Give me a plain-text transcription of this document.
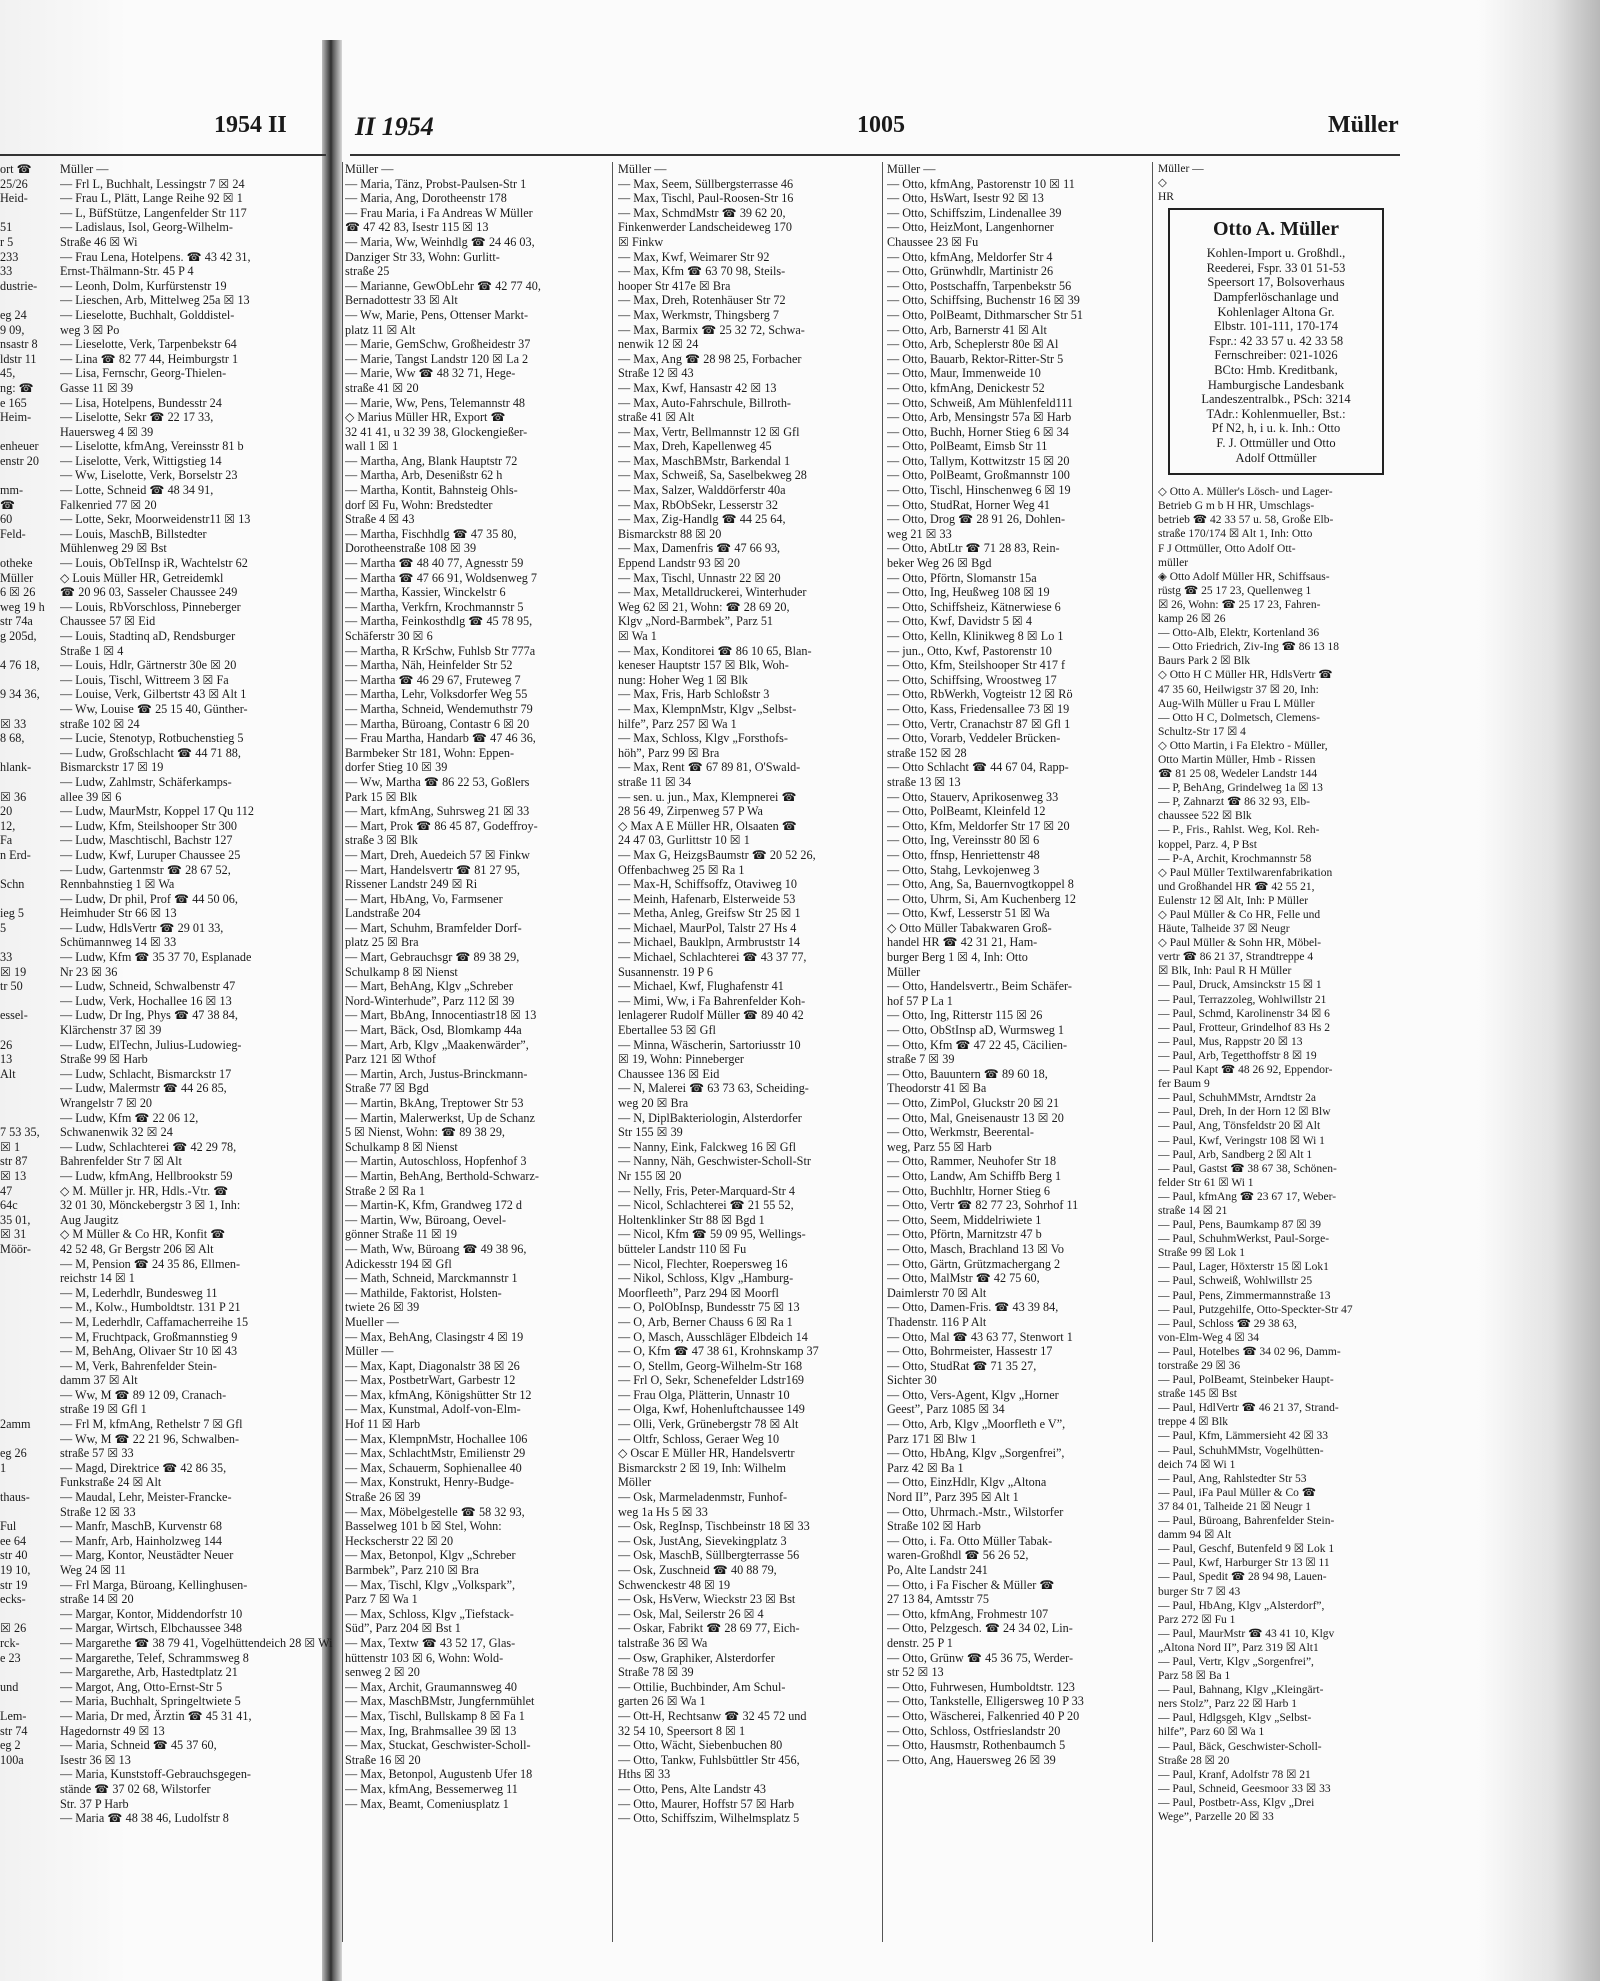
1954 II	II 1954	1005	Müller

ort ☎

25/26

Heid-

51

r 5

233

33

dustrie-

eg 24

9 09,

nsastr 8

ldstr 11

45,

ng: ☎

e 165

Heim-

enheuer

enstr 20

mm-

☎

60

Feld-

otheke

Müller

6 ☒ 26

weg 19 h

str 74a

g 205d,

4 76 18,

9 34 36,

☒ 33

8 68,

hlank-

☒ 36

20

12,

Fa

n Erd-

Schn

ieg 5

5

33

☒ 19

tr 50

essel-

26

13

Alt

7 53 35,

☒ 1

str 87

☒ 13

47

64c

35 01,

☒ 31

Möör-

2amm

eg 26

1

thaus-

Ful

ee 64

str 40

19 10,

str 19

ecks-

☒ 26

rck-

e 23

und

Lem-

str 74

eg 2

100a

Müller —

— Frl L, Buchhalt, Lessingstr 7 ☒ 24

— Frau L, Plätt, Lange Reihe 92 ☒ 1

— L, BüfStütze, Langenfelder Str 117

— Ladislaus, Isol, Georg-Wilhelm-

Straße 46 ☒ Wi

— Frau Lena, Hotelpens. ☎ 43 42 31,

Ernst-Thälmann-Str. 45 P 4

— Leonh, Dolm, Kurfürstenstr 19

— Lieschen, Arb, Mittelweg 25a ☒ 13

— Lieselotte, Buchhalt, Golddistel-

weg 3 ☒ Po

— Lieselotte, Verk, Tarpenbekstr 64

— Lina ☎ 82 77 44, Heimburgstr 1

— Lisa, Fernschr, Georg-Thielen-

Gasse 11 ☒ 39

— Lisa, Hotelpens, Bundesstr 24

— Liselotte, Sekr ☎ 22 17 33,

Hauersweg 4 ☒ 39

— Liselotte, kfmAng, Vereinsstr 81 b

— Liselotte, Verk, Wittigstieg 14

— Ww, Liselotte, Verk, Borselstr 23

— Lotte, Schneid ☎ 48 34 91,

Falkenried 77 ☒ 20

— Lotte, Sekr, Moorweidenstr11 ☒ 13

— Louis, MaschB, Billstedter

Mühlenweg 29 ☒ Bst

— Louis, ObTelInsp iR, Wachtelstr 62

◇ Louis Müller HR, Getreidemkl

☎ 20 96 03, Sasseler Chaussee 249

— Louis, RbVorschloss, Pinneberger

Chaussee 57 ☒ Eid

— Louis, Stadtinq aD, Rendsburger

Straße 1 ☒ 4

— Louis, Hdlr, Gärtnerstr 30e ☒ 20

— Louis, Tischl, Wittreem 3 ☒ Fa

— Louise, Verk, Gilbertstr 43 ☒ Alt 1

— Ww, Louise ☎ 25 15 40, Günther-

straße 102 ☒ 24

— Lucie, Stenotyp, Rotbuchenstieg 5

— Ludw, Großschlacht ☎ 44 71 88,

Bismarckstr 17 ☒ 19

— Ludw, Zahlmstr, Schäferkamps-

allee 39 ☒ 6

— Ludw, MaurMstr, Koppel 17 Qu 112

— Ludw, Kfm, Steilshooper Str 300

— Ludw, Maschtischl, Bachstr 127

— Ludw, Kwf, Luruper Chaussee 25

— Ludw, Gartenmstr ☎ 28 67 52,

Rennbahnstieg 1 ☒ Wa

— Ludw, Dr phil, Prof ☎ 44 50 06,

Heimhuder Str 66 ☒ 13

— Ludw, HdlsVertr ☎ 29 01 33,

Schümannweg 14 ☒ 33

— Ludw, Kfm ☎ 35 37 70, Esplanade

Nr 23 ☒ 36

— Ludw, Schneid, Schwalbenstr 47

— Ludw, Verk, Hochallee 16 ☒ 13

— Ludw, Dr Ing, Phys ☎ 47 38 84,

Klärchenstr 37 ☒ 39

— Ludw, ElTechn, Julius-Ludowieg-

Straße 99 ☒ Harb

— Ludw, Schlacht, Bismarckstr 17

— Ludw, Malermstr ☎ 44 26 85,

Wrangelstr 7 ☒ 20

— Ludw, Kfm ☎ 22 06 12,

Schwanenwik 32 ☒ 24

— Ludw, Schlachterei ☎ 42 29 78,

Bahrenfelder Str 7 ☒ Alt

— Ludw, kfmAng, Hellbrookstr 59

◇ M. Müller jr. HR, Hdls.-Vtr. ☎

32 01 30, Mönckebergstr 3 ☒ 1, Inh:

Aug Jaugitz

◇ M Müller & Co HR, Konfit ☎

42 52 48, Gr Bergstr 206 ☒ Alt

— M, Pension ☎ 24 35 86, Ellmen-

reichstr 14 ☒ 1

— M, Lederhdlr, Bundesweg 11

— M., Kolw., Humboldtstr. 131 P 21

— M, Lederhdlr, Caffamacherreihe 15

— M, Fruchtpack, Großmannstieg 9

— M, BehAng, Olivaer Str 10 ☒ 43

— M, Verk, Bahrenfelder Stein-

damm 37 ☒ Alt

— Ww, M ☎ 89 12 09, Cranach-

straße 19 ☒ Gfl 1

— Frl M, kfmAng, Rethelstr 7 ☒ Gfl

— Ww, M ☎ 22 21 96, Schwalben-

straße 57 ☒ 33

— Magd, Direktrice ☎ 42 86 35,

Funkstraße 24 ☒ Alt

— Maudal, Lehr, Meister-Francke-

Straße 12 ☒ 33

— Manfr, MaschB, Kurvenstr 68

— Manfr, Arb, Hainholzweg 144

— Marg, Kontor, Neustädter Neuer

Weg 24 ☒ 11

— Frl Marga, Büroang, Kellinghusen-

straße 14 ☒ 20

— Margar, Kontor, Middendorfstr 10

— Margar, Wirtsch, Elbchaussee 348

— Margarethe ☎ 38 79 41, Vogelhüttendeich 28 ☒ Wi

— Margarethe, Telef, Schrammsweg 8

— Margarethe, Arb, Hastedtplatz 21

— Margot, Ang, Otto-Ernst-Str 5

— Maria, Buchhalt, Springeltwiete 5

— Maria, Dr med, Ärztin ☎ 45 31 41,

Hagedornstr 49 ☒ 13

— Maria, Schneid ☎ 45 37 60,

Isestr 36 ☒ 13

— Maria, Kunststoff-Gebrauchsgegen-

stände ☎ 37 02 68, Wilstorfer

Str. 37 P Harb

— Maria ☎ 48 38 46, Ludolfstr 8

Müller —

— Maria, Tänz, Probst-Paulsen-Str 1

— Maria, Ang, Dorotheenstr 178

— Frau Maria, i Fa Andreas W Müller

☎ 47 42 83, Isestr 115 ☒ 13

— Maria, Ww, Weinhdlg ☎ 24 46 03,

Danziger Str 33, Wohn: Gurlitt-

straße 25

— Marianne, GewObLehr ☎ 42 77 40,

Bernadottestr 33 ☒ Alt

— Ww, Marie, Pens, Ottenser Markt-

platz 11 ☒ Alt

— Marie, GemSchw, Großheidestr 37

— Marie, Tangst Landstr 120 ☒ La 2

— Marie, Ww ☎ 48 32 71, Hege-

straße 41 ☒ 20

— Marie, Ww, Pens, Telemannstr 48

◇ Marius Müller HR, Export ☎

32 41 41, u 32 39 38, Glockengießer-

wall 1 ☒ 1

— Martha, Ang, Blank Hauptstr 72

— Martha, Arb, Desenißstr 62 h

— Martha, Kontit, Bahnsteig Ohls-

dorf ☒ Fu, Wohn: Bredstedter

Straße 4 ☒ 43

— Martha, Fischhdlg ☎ 47 35 80,

Dorotheenstraße 108 ☒ 39

— Martha ☎ 48 40 77, Agnesstr 59

— Martha ☎ 47 66 91, Woldsenweg 7

— Martha, Kassier, Winckelstr 6

— Martha, Verkfrn, Krochmannstr 5

— Martha, Feinkosthdlg ☎ 45 78 95,

Schäferstr 30 ☒ 6

— Martha, R KrSchw, Fuhlsb Str 777a

— Martha, Näh, Heinfelder Str 52

— Martha ☎ 46 29 67, Fruteweg 7

— Martha, Lehr, Volksdorfer Weg 55

— Martha, Schneid, Wendemuthstr 79

— Martha, Büroang, Contastr 6 ☒ 20

— Frau Martha, Handarb ☎ 47 46 36,

Barmbeker Str 181, Wohn: Eppen-

dorfer Stieg 10 ☒ 39

— Ww, Martha ☎ 86 22 53, Goßlers

Park 15 ☒ Blk

— Mart, kfmAng, Suhrsweg 21 ☒ 33

— Mart, Prok ☎ 86 45 87, Godeffroy-

straße 3 ☒ Blk

— Mart, Dreh, Auedeich 57 ☒ Finkw

— Mart, Handelsvertr ☎ 81 27 95,

Rissener Landstr 249 ☒ Ri

— Mart, HbAng, Vo, Farmsener

Landstraße 204

— Mart, Schuhm, Bramfelder Dorf-

platz 25 ☒ Bra

— Mart, Gebrauchsgr ☎ 89 38 29,

Schulkamp 8 ☒ Nienst

— Mart, BehAng, Klgv „Schreber

Nord-Winterhude”, Parz 112 ☒ 39

— Mart, BbAng, Innocentiastr18 ☒ 13

— Mart, Bäck, Osd, Blomkamp 44a

— Mart, Arb, Klgv „Maakenwärder”,

Parz 121 ☒ Wthof

— Martin, Arch, Justus-Brinckmann-

Straße 77 ☒ Bgd

— Martin, BkAng, Treptower Str 53

— Martin, Malerwerkst, Up de Schanz

5 ☒ Nienst, Wohn: ☎ 89 38 29,

Schulkamp 8 ☒ Nienst

— Martin, Autoschloss, Hopfenhof 3

— Martin, BehAng, Berthold-Schwarz-

Straße 2 ☒ Ra 1

— Martin-K, Kfm, Grandweg 172 d

— Martin, Ww, Büroang, Oevel-

gönner Straße 11 ☒ 19

— Math, Ww, Büroang ☎ 49 38 96,

Adickesstr 194 ☒ Gfl

— Math, Schneid, Marckmannstr 1

— Mathilde, Faktorist, Holsten-

twiete 26 ☒ 39

Mueller —

— Max, BehAng, Clasingstr 4 ☒ 19

Müller —

— Max, Kapt, Diagonalstr 38 ☒ 26

— Max, PostbetrWart, Garbestr 12

— Max, kfmAng, Königshütter Str 12

— Max, Kunstmal, Adolf-von-Elm-

Hof 11 ☒ Harb

— Max, KlempnMstr, Hochallee 106

— Max, SchlachtMstr, Emilienstr 29

— Max, Schauerm, Sophienallee 40

— Max, Konstrukt, Henry-Budge-

Straße 26 ☒ 39

— Max, Möbelgestelle ☎ 58 32 93,

Basselweg 101 b ☒ Stel, Wohn:

Heckscherstr 22 ☒ 20

— Max, Betonpol, Klgv „Schreber

Barmbek”, Parz 210 ☒ Bra

— Max, Tischl, Klgv „Volkspark”,

Parz 7 ☒ Wa 1

— Max, Schloss, Klgv „Tiefstack-

Süd”, Parz 204 ☒ Bst 1

— Max, Textw ☎ 43 52 17, Glas-

hüttenstr 103 ☒ 6, Wohn: Wold-

senweg 2 ☒ 20

— Max, Archit, Graumannsweg 40

— Max, MaschBMstr, Jungfernmühlet

— Max, Tischl, Bullskamp 8 ☒ Fa 1

— Max, Ing, Brahmsallee 39 ☒ 13

— Max, Stuckat, Geschwister-Scholl-

Straße 16 ☒ 20

— Max, Betonpol, Augustenb Ufer 18

— Max, kfmAng, Bessemerweg 11

— Max, Beamt, Comeniusplatz 1

Müller —

— Max, Seem, Süllbergsterrasse 46

— Max, Tischl, Paul-Roosen-Str 16

— Max, SchmdMstr ☎ 39 62 20,

Finkenwerder Landscheideweg 170

☒ Finkw

— Max, Kwf, Weimarer Str 92

— Max, Kfm ☎ 63 70 98, Steils-

hooper Str 417e ☒ Bra

— Max, Dreh, Rotenhäuser Str 72

— Max, Werkmstr, Thingsberg 7

— Max, Barmix ☎ 25 32 72, Schwa-

nenwik 12 ☒ 24

— Max, Ang ☎ 28 98 25, Forbacher

Straße 12 ☒ 43

— Max, Kwf, Hansastr 42 ☒ 13

— Max, Auto-Fahrschule, Billroth-

straße 41 ☒ Alt

— Max, Vertr, Bellmannstr 12 ☒ Gfl

— Max, Dreh, Kapellenweg 45

— Max, MaschBMstr, Barkendal 1

— Max, Schweiß, Sa, Saselbekweg 28

— Max, Salzer, Walddörferstr 40a

— Max, RbObSekr, Lesserstr 32

— Max, Zig-Handlg ☎ 44 25 64,

Bismarckstr 88 ☒ 20

— Max, Damenfris ☎ 47 66 93,

Eppend Landstr 93 ☒ 20

— Max, Tischl, Unnastr 22 ☒ 20

— Max, Metalldruckerei, Winterhuder

Weg 62 ☒ 21, Wohn: ☎ 28 69 20,

Klgv „Nord-Barmbek”, Parz 51

☒ Wa 1

— Max, Konditorei ☎ 86 10 65, Blan-

keneser Hauptstr 157 ☒ Blk, Woh-

nung: Hoher Weg 1 ☒ Blk

— Max, Fris, Harb Schloßstr 3

— Max, KlempnMstr, Klgv „Selbst-

hilfe”, Parz 257 ☒ Wa 1

— Max, Schloss, Klgv „Forsthofs-

höh”, Parz 99 ☒ Bra

— Max, Rent ☎ 67 89 81, O'Swald-

straße 11 ☒ 34

— sen. u. jun., Max, Klempnerei ☎

28 56 49, Zirpenweg 57 P Wa

◇ Max A E Müller HR, Olsaaten ☎

24 47 03, Gurlittstr 10 ☒ 1

— Max G, HeizgsBaumstr ☎ 20 52 26,

Offenbachweg 25 ☒ Ra 1

— Max-H, Schiffsoffz, Otaviweg 10

— Meinh, Hafenarb, Elsterweide 53

— Metha, Anleg, Greifsw Str 25 ☒ 1

— Michael, MaurPol, Talstr 27 Hs 4

— Michael, Bauklpn, Armbruststr 14

— Michael, Schlachterei ☎ 43 37 77,

Susannenstr. 19 P 6

— Michael, Kwf, Flughafenstr 41

— Mimi, Ww, i Fa Bahrenfelder Koh-

lenlagerer Rudolf Müller ☎ 89 40 42

Ebertallee 53 ☒ Gfl

— Minna, Wäscherin, Sartoriusstr 10

☒ 19, Wohn: Pinneberger

Chaussee 136 ☒ Eid

— N, Malerei ☎ 63 73 63, Scheiding-

weg 20 ☒ Bra

— N, DiplBakteriologin, Alsterdorfer

Str 155 ☒ 39

— Nanny, Eink, Falckweg 16 ☒ Gfl

— Nanny, Näh, Geschwister-Scholl-Str

Nr 155 ☒ 20

— Nelly, Fris, Peter-Marquard-Str 4

— Nicol, Schlachterei ☎ 21 55 52,

Holtenklinker Str 88 ☒ Bgd 1

— Nicol, Kfm ☎ 59 09 95, Wellings-

bütteler Landstr 110 ☒ Fu

— Nicol, Flechter, Roepersweg 16

— Nikol, Schloss, Klgv „Hamburg-

Moorfleeth”, Parz 294 ☒ Moorfl

— O, PolObInsp, Bundesstr 75 ☒ 13

— O, Arb, Berner Chauss 6 ☒ Ra 1

— O, Masch, Ausschläger Elbdeich 14

— O, Kfm ☎ 47 38 61, Krohnskamp 37

— O, Stellm, Georg-Wilhelm-Str 168

— Frl O, Sekr, Schenefelder Ldstr169

— Frau Olga, Plätterin, Unnastr 10

— Olga, Kwf, Hohenluftchaussee 149

— Olli, Verk, Grünebergstr 78 ☒ Alt

— Oltfr, Schloss, Geraer Weg 10

◇ Oscar E Müller HR, Handelsvertr

Bismarckstr 2 ☒ 19, Inh: Wilhelm

Möller

— Osk, Marmeladenmstr, Funhof-

weg 1a Hs 5 ☒ 33

— Osk, RegInsp, Tischbeinstr 18 ☒ 33

— Osk, JustAng, Sievekingplatz 3

— Osk, MaschB, Süllbergterrasse 56

— Osk, Zuschneid ☎ 40 88 79,

Schwenckestr 48 ☒ 19

— Osk, HsVerw, Wieckstr 23 ☒ Bst

— Osk, Mal, Seilerstr 26 ☒ 4

— Oskar, Fabrikt ☎ 28 69 77, Eich-

talstraße 36 ☒ Wa

— Osw, Graphiker, Alsterdorfer

Straße 78 ☒ 39

— Ottilie, Buchbinder, Am Schul-

garten 26 ☒ Wa 1

— Ott-H, Rechtsanw ☎ 32 45 72 und

32 54 10, Speersort 8 ☒ 1

— Otto, Wächt, Siebenbuchen 80

— Otto, Tankw, Fuhlsbüttler Str 456,

Hths ☒ 33

— Otto, Pens, Alte Landstr 43

— Otto, Maurer, Hoffstr 57 ☒ Harb

— Otto, Schiffszim, Wilhelmsplatz 5

Müller —

— Otto, kfmAng, Pastorenstr 10 ☒ 11

— Otto, HsWart, Isestr 92 ☒ 13

— Otto, Schiffszim, Lindenallee 39

— Otto, HeizMont, Langenhorner

Chaussee 23 ☒ Fu

— Otto, kfmAng, Meldorfer Str 4

— Otto, Grünwhdlr, Martinistr 26

— Otto, Postschaffn, Tarpenbekstr 56

— Otto, Schiffsing, Buchenstr 16 ☒ 39

— Otto, PolBeamt, Dithmarscher Str 51

— Otto, Arb, Barnerstr 41 ☒ Alt

— Otto, Arb, Scheplerstr 80e ☒ Al

— Otto, Bauarb, Rektor-Ritter-Str 5

— Otto, Maur, Immenweide 10

— Otto, kfmAng, Denickestr 52

— Otto, Schweiß, Am Mühlenfeld111

— Otto, Arb, Mensingstr 57a ☒ Harb

— Otto, Buchh, Horner Stieg 6 ☒ 34

— Otto, PolBeamt, Eimsb Str 11

— Otto, Tallym, Kottwitzstr 15 ☒ 20

— Otto, PolBeamt, Großmannstr 100

— Otto, Tischl, Hinschenweg 6 ☒ 19

— Otto, StudRat, Horner Weg 41

— Otto, Drog ☎ 28 91 26, Dohlen-

weg 21 ☒ 33

— Otto, AbtLtr ☎ 71 28 83, Rein-

beker Weg 26 ☒ Bgd

— Otto, Pförtn, Slomanstr 15a

— Otto, Ing, Heußweg 108 ☒ 19

— Otto, Schiffsheiz, Kätnerwiese 6

— Otto, Kwf, Davidstr 5 ☒ 4

— Otto, Kelln, Klinikweg 8 ☒ Lo 1

— jun., Otto, Kwf, Pastorenstr 10

— Otto, Kfm, Steilshooper Str 417 f

— Otto, Schiffsing, Wroostweg 17

— Otto, RbWerkh, Vogteistr 12 ☒ Rö

— Otto, Kass, Friedensallee 73 ☒ 19

— Otto, Vertr, Cranachstr 87 ☒ Gfl 1

— Otto, Vorarb, Veddeler Brücken-

straße 152 ☒ 28

— Otto Schlacht ☎ 44 67 04, Rapp-

straße 13 ☒ 13

— Otto, Stauerv, Aprikosenweg 33

— Otto, PolBeamt, Kleinfeld 12

— Otto, Kfm, Meldorfer Str 17 ☒ 20

— Otto, Ing, Vereinsstr 80 ☒ 6

— Otto, ffnsp, Henriettenstr 48

— Otto, Stahg, Levkojenweg 3

— Otto, Ang, Sa, Bauernvogtkoppel 8

— Otto, Uhrm, Si, Am Kuchenberg 12

— Otto, Kwf, Lesserstr 51 ☒ Wa

◇ Otto Müller Tabakwaren Groß-

handel HR ☎ 42 31 21, Ham-

burger Berg 1 ☒ 4, Inh: Otto

Müller

— Otto, Handelsvertr., Beim Schäfer-

hof 57 P La 1

— Otto, Ing, Ritterstr 115 ☒ 26

— Otto, ObStInsp aD, Wurmsweg 1

— Otto, Kfm ☎ 47 22 45, Cäcilien-

straße 7 ☒ 39

— Otto, Bauuntern ☎ 89 60 18,

Theodorstr 41 ☒ Ba

— Otto, ZimPol, Gluckstr 20 ☒ 21

— Otto, Mal, Gneisenaustr 13 ☒ 20

— Otto, Werkmstr, Beerental-

weg, Parz 55 ☒ Harb

— Otto, Rammer, Neuhofer Str 18

— Otto, Landw, Am Schiffb Berg 1

— Otto, Buchhltr, Horner Stieg 6

— Otto, Vertr ☎ 82 77 23, Sohrhof 11

— Otto, Seem, Middelriwiete 1

— Otto, Pförtn, Marnitzstr 47 b

— Otto, Masch, Brachland 13 ☒ Vo

— Otto, Gärtn, Grützmachergang 2

— Otto, MalMstr ☎ 42 75 60,

Daimlerstr 70 ☒ Alt

— Otto, Damen-Fris. ☎ 43 39 84,

Thadenstr. 116 P Alt

— Otto, Mal ☎ 43 63 77, Stenwort 1

— Otto, Bohrmeister, Hassestr 17

— Otto, StudRat ☎ 71 35 27,

Sichter 30

— Otto, Vers-Agent, Klgv „Horner

Geest”, Parz 1085 ☒ 34

— Otto, Arb, Klgv „Moorfleth e V”,

Parz 171 ☒ Blw 1

— Otto, HbAng, Klgv „Sorgenfrei”,

Parz 42 ☒ Ba 1

— Otto, EinzHdlr, Klgv „Altona

Nord II”, Parz 395 ☒ Alt 1

— Otto, Uhrmach.-Mstr., Wilstorfer

Straße 102 ☒ Harb

— Otto, i. Fa. Otto Müller Tabak-

waren-Großhdl ☎ 56 26 52,

Po, Alte Landstr 241

— Otto, i Fa Fischer & Müller ☎

27 13 84, Amtsstr 75

— Otto, kfmAng, Frohmestr 107

— Otto, Pelzgesch. ☎ 24 34 02, Lin-

denstr. 25 P 1

— Otto, Grünw ☎ 45 36 75, Werder-

str 52 ☒ 13

— Otto, Fuhrwesen, Humboldtstr. 123

— Otto, Tankstelle, Elligersweg 10 P 33

— Otto, Wäscherei, Falkenried 40 P 20

— Otto, Schloss, Ostfrieslandstr 20

— Otto, Hausmstr, Rothenbaumch 5

— Otto, Ang, Hauersweg 26 ☒ 39

Müller —

◇

HR

Otto A. Müller

Kohlen-Import u. Großhdl.,

Reederei, Fspr. 33 01 51-53

Speersort 17, Bolsoverhaus

Dampferlöschanlage und

Kohlenlager Altona Gr.

Elbstr. 101-111, 170-174

Fspr.: 42 33 57 u. 42 33 58

Fernschreiber: 021-1026

BCto: Hmb. Kreditbank,

Hamburgische Landesbank

Landeszentralbk., PSch: 3214

TAdr.: Kohlenmueller, Bst.:

Pf N2, h, i u. k. Inh.: Otto

F. J. Ottmüller und Otto

Adolf Ottmüller

◇ Otto A. Müller's Lösch- und Lager-

Betrieb G m b H HR, Umschlags-

betrieb ☎ 42 33 57 u. 58, Große Elb-

straße 170/174 ☒ Alt 1, Inh: Otto

F J Ottmüller, Otto Adolf Ott-

müller

◈ Otto Adolf Müller HR, Schiffsaus-

rüstg ☎ 25 17 23, Quellenweg 1

☒ 26, Wohn: ☎ 25 17 23, Fahren-

kamp 26 ☒ 26

— Otto-Alb, Elektr, Kortenland 36

— Otto Friedrich, Ziv-Ing ☎ 86 13 18

Baurs Park 2 ☒ Blk

◇ Otto H C Müller HR, HdlsVertr ☎

47 35 60, Heilwigstr 37 ☒ 20, Inh:

Aug-Wilh Müller u Frau L Müller

— Otto H C, Dolmetsch, Clemens-

Schultz-Str 17 ☒ 4

◇ Otto Martin, i Fa Elektro - Müller,

Otto Martin Müller, Hmb - Rissen

☎ 81 25 08, Wedeler Landstr 144

— P, BehAng, Grindelweg 1a ☒ 13

— P, Zahnarzt ☎ 86 32 93, Elb-

chaussee 522 ☒ Blk

— P., Fris., Rahlst. Weg, Kol. Reh-

koppel, Parz. 4, P Bst

— P-A, Archit, Krochmannstr 58

◇ Paul Müller Textilwarenfabrikation

und Großhandel HR ☎ 42 55 21,

Eulenstr 12 ☒ Alt, Inh: P Müller

◇ Paul Müller & Co HR, Felle und

Häute, Talheide 37 ☒ Neugr

◇ Paul Müller & Sohn HR, Möbel-

vertr ☎ 86 21 37, Strandtreppe 4

☒ Blk, Inh: Paul R H Müller

— Paul, Druck, Amsinckstr 15 ☒ 1

— Paul, Terrazzoleg, Wohlwillstr 21

— Paul, Schmd, Karolinenstr 34 ☒ 6

— Paul, Frotteur, Grindelhof 83 Hs 2

— Paul, Mus, Rappstr 20 ☒ 13

— Paul, Arb, Tegetthoffstr 8 ☒ 19

— Paul Kapt ☎ 48 26 92, Eppendor-

fer Baum 9

— Paul, SchuhMMstr, Arndtstr 2a

— Paul, Dreh, In der Horn 12 ☒ Blw

— Paul, Ang, Tönsfeldstr 20 ☒ Alt

— Paul, Kwf, Veringstr 108 ☒ Wi 1

— Paul, Arb, Sandberg 2 ☒ Alt 1

— Paul, Gastst ☎ 38 67 38, Schönen-

felder Str 61 ☒ Wi 1

— Paul, kfmAng ☎ 23 67 17, Weber-

straße 14 ☒ 21

— Paul, Pens, Baumkamp 87 ☒ 39

— Paul, SchuhmWerkst, Paul-Sorge-

Straße 99 ☒ Lok 1

— Paul, Lager, Höxterstr 15 ☒ Lok1

— Paul, Schweiß, Wohlwillstr 25

— Paul, Pens, Zimmermannstraße 13

— Paul, Putzgehilfe, Otto-Speckter-Str 47

— Paul, Schloss ☎ 29 38 63,

von-Elm-Weg 4 ☒ 34

— Paul, Hotelbes ☎ 34 02 96, Damm-

torstraße 29 ☒ 36

— Paul, PolBeamt, Steinbeker Haupt-

straße 145 ☒ Bst

— Paul, HdlVertr ☎ 46 21 37, Strand-

treppe 4 ☒ Blk

— Paul, Kfm, Lämmersieht 42 ☒ 33

— Paul, SchuhMMstr, Vogelhütten-

deich 74 ☒ Wi 1

— Paul, Ang, Rahlstedter Str 53

— Paul, iFa Paul Müller & Co ☎

37 84 01, Talheide 21 ☒ Neugr 1

— Paul, Büroang, Bahrenfelder Stein-

damm 94 ☒ Alt

— Paul, Geschf, Butenfeld 9 ☒ Lok 1

— Paul, Kwf, Harburger Str 13 ☒ 11

— Paul, Spedit ☎ 28 94 98, Lauen-

burger Str 7 ☒ 43

— Paul, HbAng, Klgv „Alsterdorf”,

Parz 272 ☒ Fu 1

— Paul, MaurMstr ☎ 43 41 10, Klgv

„Altona Nord II”, Parz 319 ☒ Alt1

— Paul, Vertr, Klgv „Sorgenfrei”,

Parz 58 ☒ Ba 1

— Paul, Bahnang, Klgv „Kleingärt-

ners Stolz”, Parz 22 ☒ Harb 1

— Paul, Hdlgsgeh, Klgv „Selbst-

hilfe”, Parz 60 ☒ Wa 1

— Paul, Bäck, Geschwister-Scholl-

Straße 28 ☒ 20

— Paul, Kranf, Adolfstr 78 ☒ 21

— Paul, Schneid, Geesmoor 33 ☒ 33

— Paul, Postbetr-Ass, Klgv „Drei

Wege”, Parzelle 20 ☒ 33
